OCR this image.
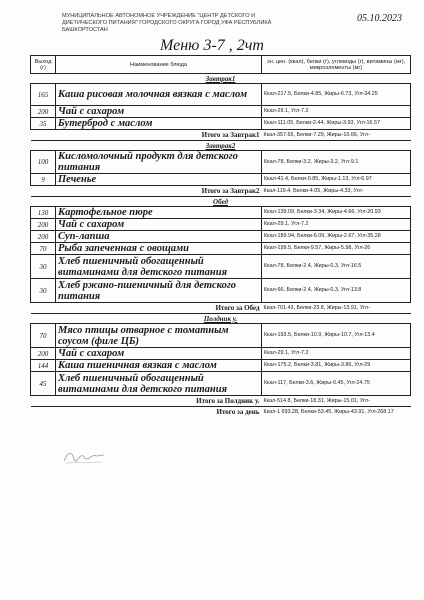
МУНИЦИПАЛЬНОЕ АВТОНОМНОЕ УЧРЕЖДЕНИЕ "ЦЕНТР ДЕТСКОГО И ДИЕТИЧЕСКОГО ПИТАНИЯ" ГОРОДСКОГО ОКРУГА ГОРОД УФА РЕСПУБЛИКА БАШКОРТОСТАН
05.10.2023
Меню 3-7 , 2чт
Выход (г)	Наименование блюда	эн. цен. (ккал), белки (г), углеводы (г), витамины (мг), микроэлементы (мг)
Завтрак1		
165	Каша рисовая молочная вязкая с маслом	Ккал-217.5, Белки-4.85, Жиры-6.73, Угл-34.25
200	Чай с сахаром	Ккал-29.1, Угл-7.2
35	Бутерброд с маслом	Ккал-111.05, Белки-2.44, Жиры-3.93, Угл-16.57
Итого за Завтрак1		Ккал-357.65, Белки-7.29, Жиры-10.66, Угл-
Завтрак2		
100	Кисломолочный продукт для детского питания	Ккал-78, Белки-3.2, Жиры-3.2, Угл-9.1
9	Печенье	Ккал-41.4, Белки-0.85, Жиры-1.13, Угл-6.97
Итого за Завтрак2		Ккал-119.4, Белки-4.05, Жиры-4.33, Угл-
Обед		
130	Картофельное пюре	Ккал-139.09, Белки-3.34, Жиры-4.66, Угл-20.93
200	Чай с сахаром	Ккал-29.1, Угл-7.2
200	Суп-лапша	Ккал-189.94, Белки-6.09, Жиры-2.67, Угл-35.28
70	Рыба запеченная с овощами	Ккал-199.5, Белки-9.57, Жиры-5.98, Угл-26
30	Хлеб пшеничный обогащенный витаминами для детского питания	Ккал-78, Белки-2.4, Жиры-0.3, Угл-16.5
30	Хлеб ржано-пшеничный для детского питания	Ккал-66, Белки-2.4, Жиры-0.3, Угл-13.8
Итого за Обед		Ккал-701.43, Белки-23.8, Жиры-13.91, Угл-
Полдник у.		
70	Мясо птицы отварное с томатным соусом (филе ЦБ)	Ккал-193.5, Белки-10.9, Жиры-10.7, Угл-13.4
200	Чай с сахаром	Ккал-29.1, Угл-7.2
144	Каша пшеничная вязкая с маслом	Ккал-175.2, Белки-3.81, Жиры-3.86, Угл-29
45	Хлеб пшеничный обогащенный витаминами для детского питания	Ккал-117, Белки-3.6, Жиры-0.45, Угл-24.75
Итого за Полдник у.		Ккал-514.8, Белки-18.31, Жиры-15.01, Угл-
Итого за день		Ккал-1 693.28, Белки-53.45, Жиры-43.91, Угл-268.17
